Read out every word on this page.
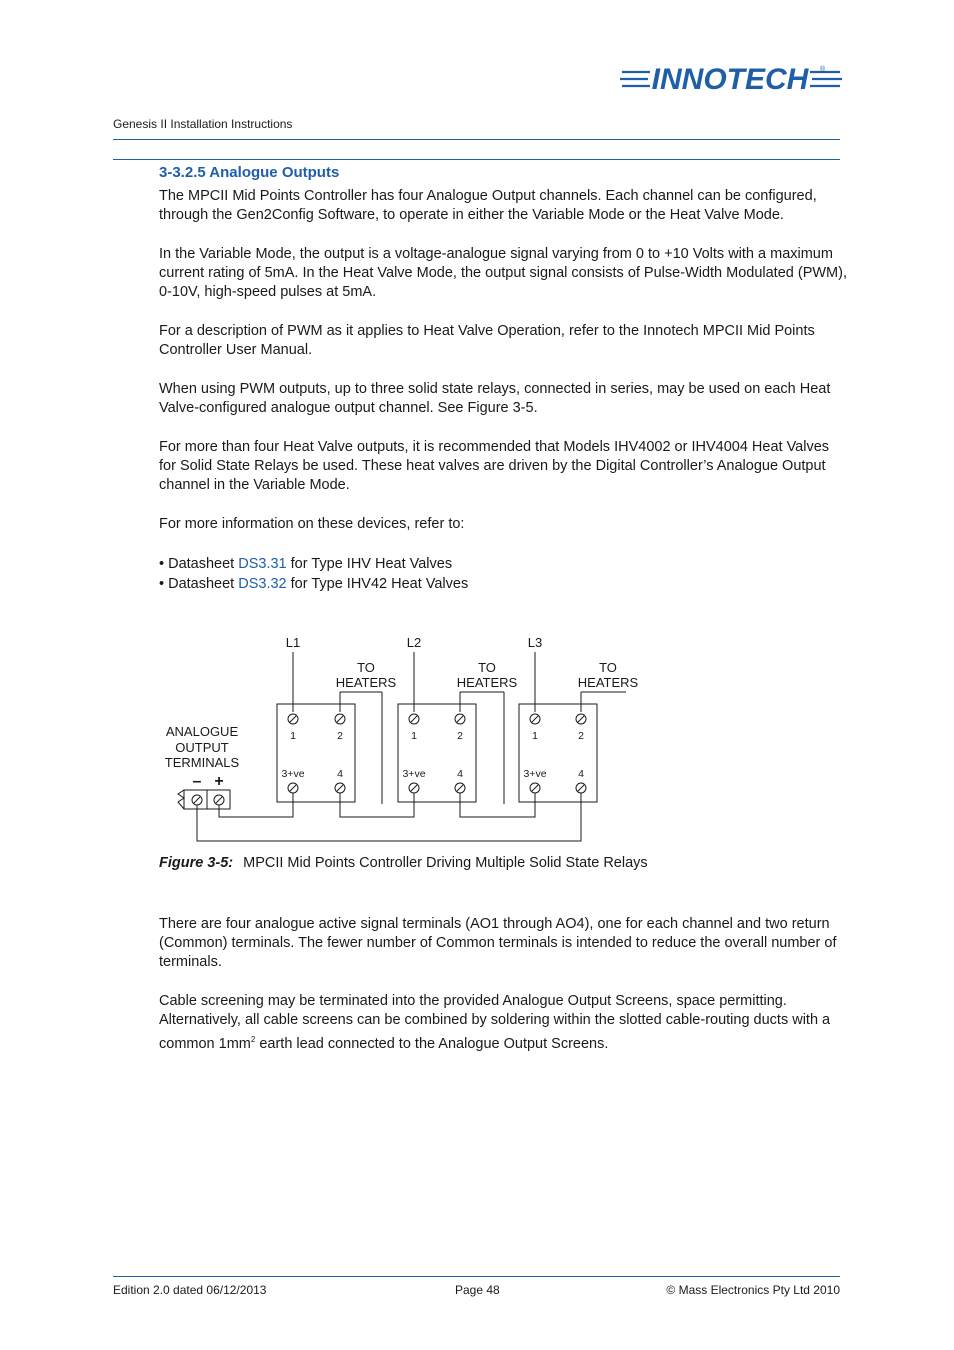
INNOTECH ®
Genesis II Installation Instructions
3-3.2.5 Analogue Outputs

The MPCII Mid Points Controller has four Analogue Output channels. Each channel can be configured, through the Gen2Config Software, to operate in either the Variable Mode or the Heat Valve Mode.

In the Variable Mode, the output is a voltage-analogue signal varying from 0 to +10 Volts with a maximum current rating of 5mA. In the Heat Valve Mode, the output signal consists of Pulse-Width Modulated (PWM), 0-10V, high-speed pulses at 5mA.

For a description of PWM as it applies to Heat Valve Operation, refer to the Innotech MPCII Mid Points Controller User Manual.

When using PWM outputs, up to three solid state relays, connected in series, may be used on each Heat Valve-configured analogue output channel. See Figure 3-5.

For more than four Heat Valve outputs, it is recommended that Models IHV4002 or IHV4004 Heat Valves for Solid State Relays be used. These heat valves are driven by the Digital Controller’s Analogue Output channel in the Variable Mode.

For more information on these devices, refer to:

• Datasheet DS3.31 for Type IHV Heat Valves
• Datasheet DS3.32 for Type IHV42 Heat Valves
L1	L2	L3
TO
HEATERS
TO
HEATERS
TO
HEATERS
ANALOGUE
OUTPUT
TERMINALS
– +
1	2
3+ve	4
1	2
3+ve	4
1	2
3+ve	4
Figure 3-5: MPCII Mid Points Controller Driving Multiple Solid State Relays

There are four analogue active signal terminals (AO1 through AO4), one for each channel and two return (Common) terminals. The fewer number of Common terminals is intended to reduce the overall number of terminals.

Cable screening may be terminated into the provided Analogue Output Screens, space permitting. Alternatively, all cable screens can be combined by soldering within the slotted cable-routing ducts with a common $1mm^2$ earth lead connected to the Analogue Output Screens.

Edition 2.0 dated 06/12/2013	Page 48	© Mass Electronics Pty Ltd 2010
